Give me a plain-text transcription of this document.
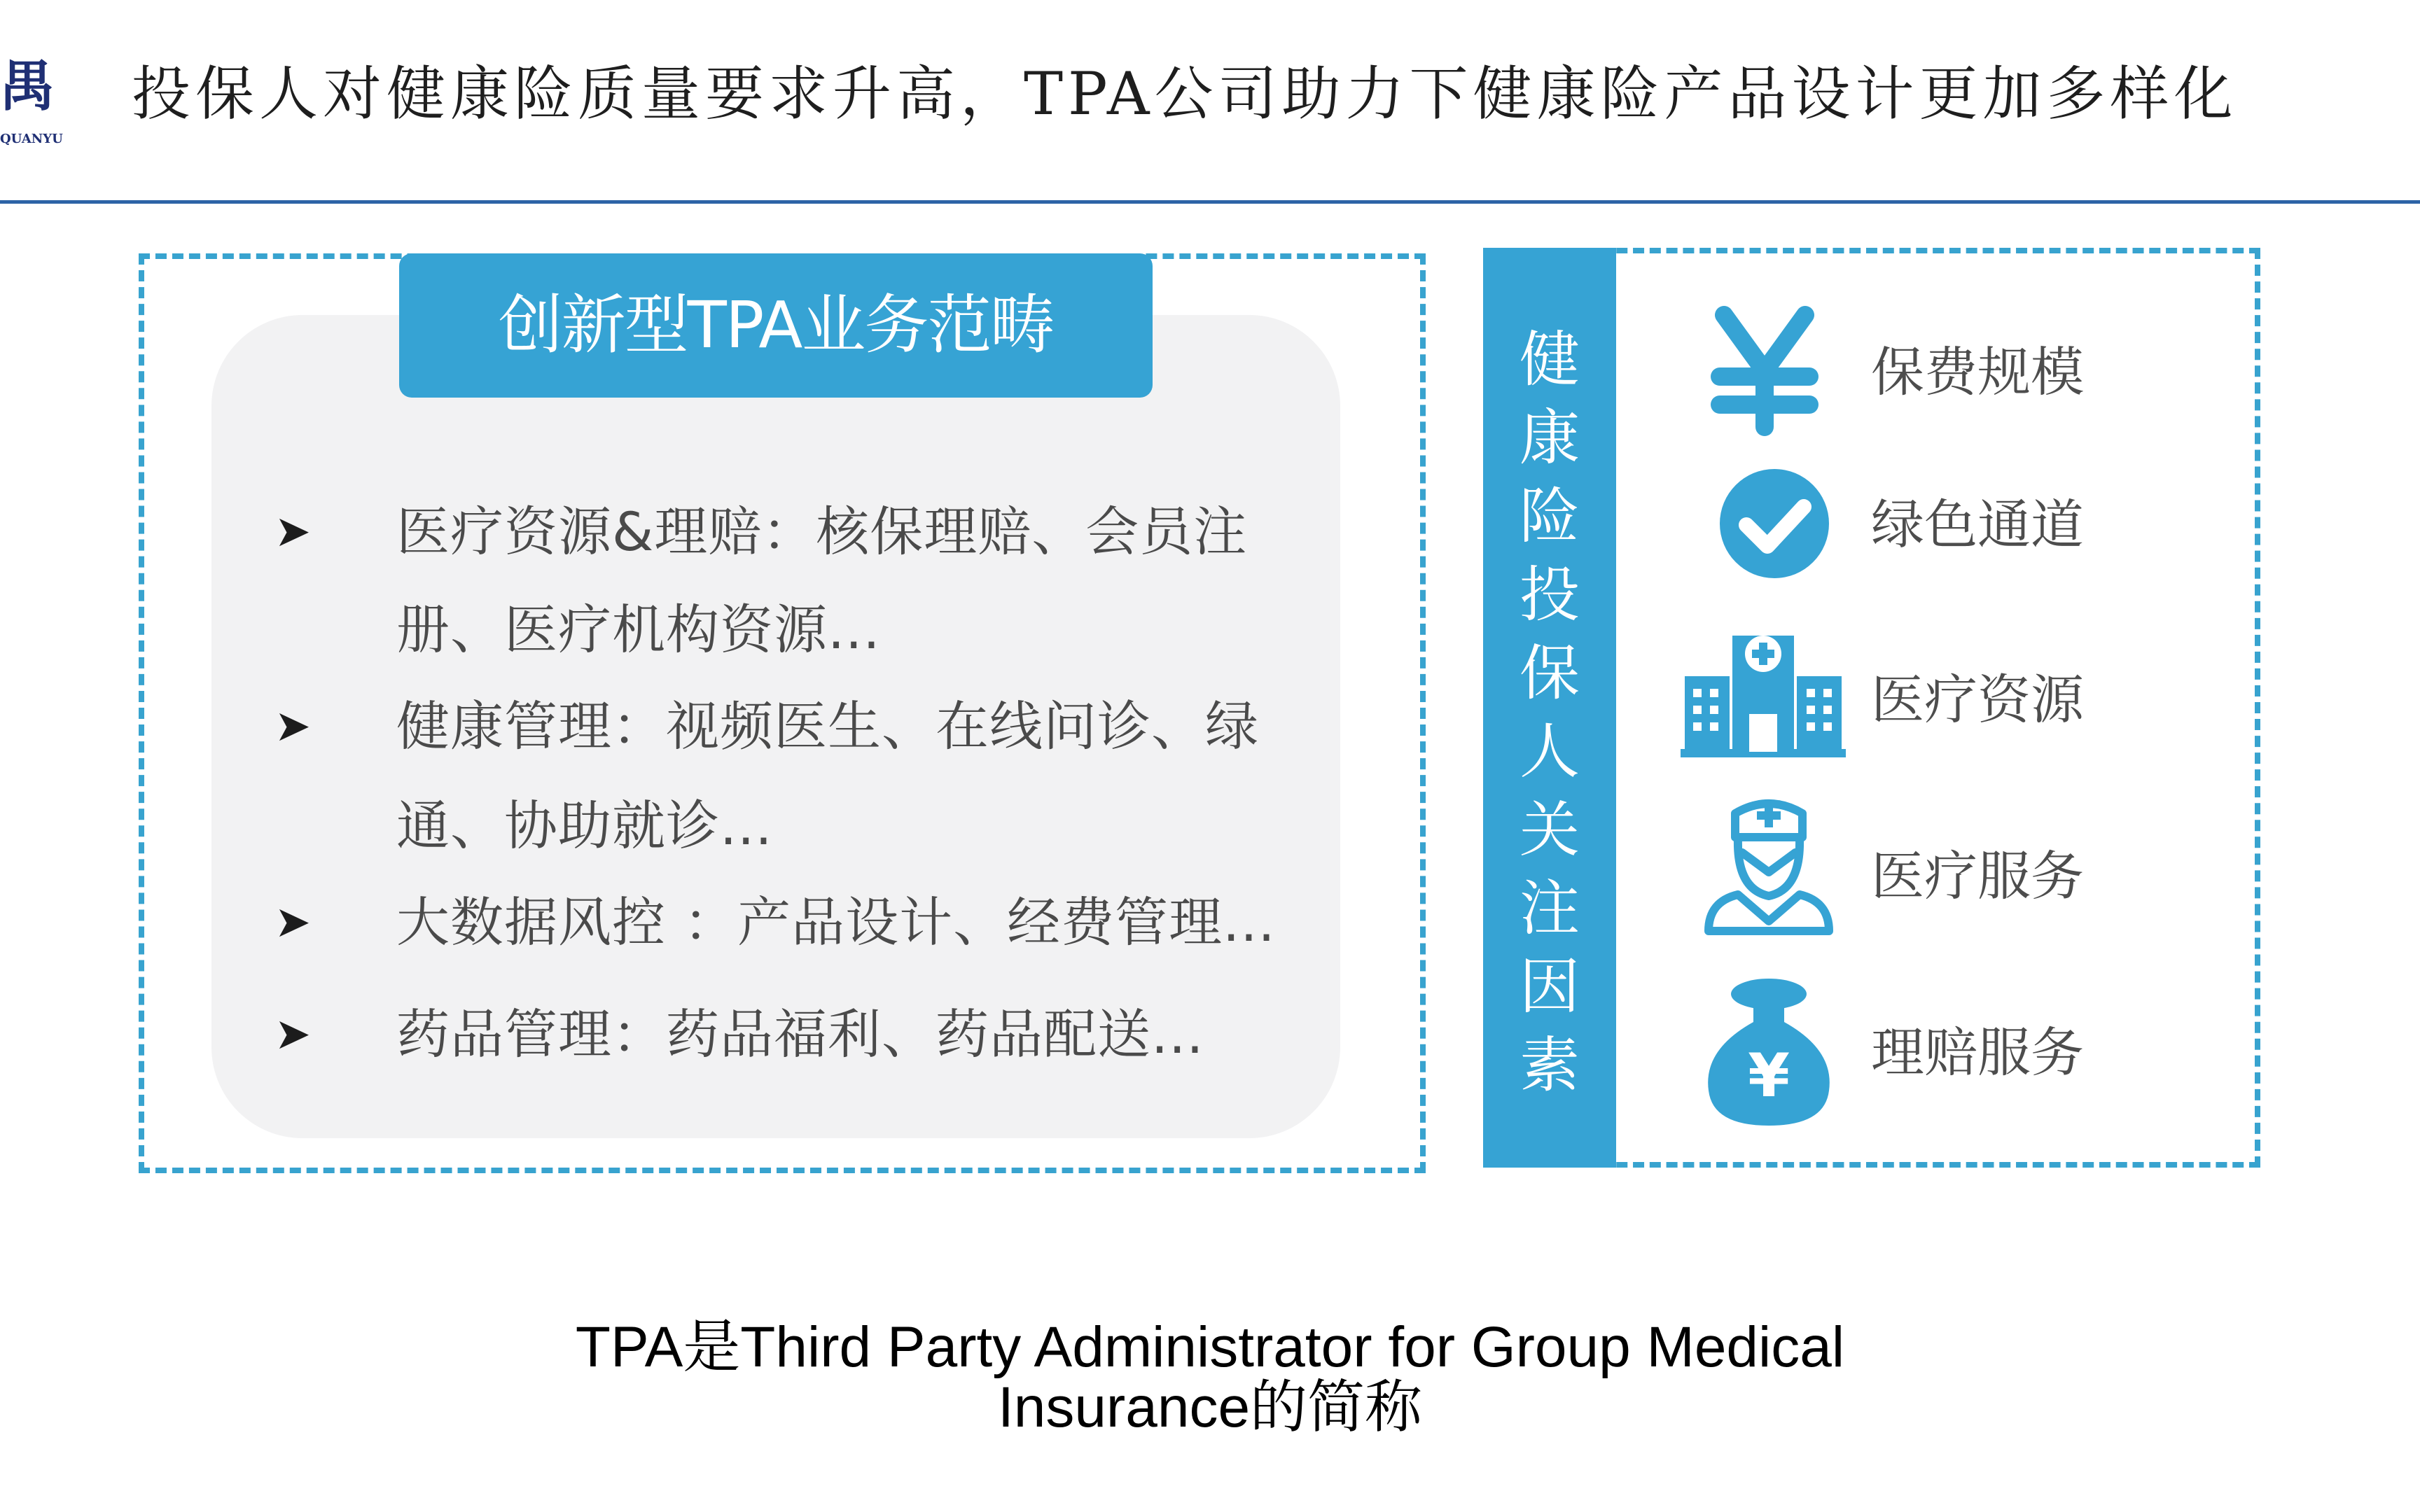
禺
QUANYU
投保人对健康险质量要求升高，TPA公司助力下健康险产品设计更加多样化
创新型TPA业务范畴
➤ 医疗资源&理赔：核保理赔、会员注
册、医疗机构资源...
➤ 健康管理：视频医生、在线问诊、绿
通、协助就诊...
➤ 大数据风控 ：产品设计、经费管理...
➤ 药品管理：药品福利、药品配送...
健
康
险
投
保
人
关
注
因
素
保费规模
绿色通道
医疗资源
医疗服务
¥ 理赔服务
TPA是Third Party Administrator for Group Medical
Insurance的简称
